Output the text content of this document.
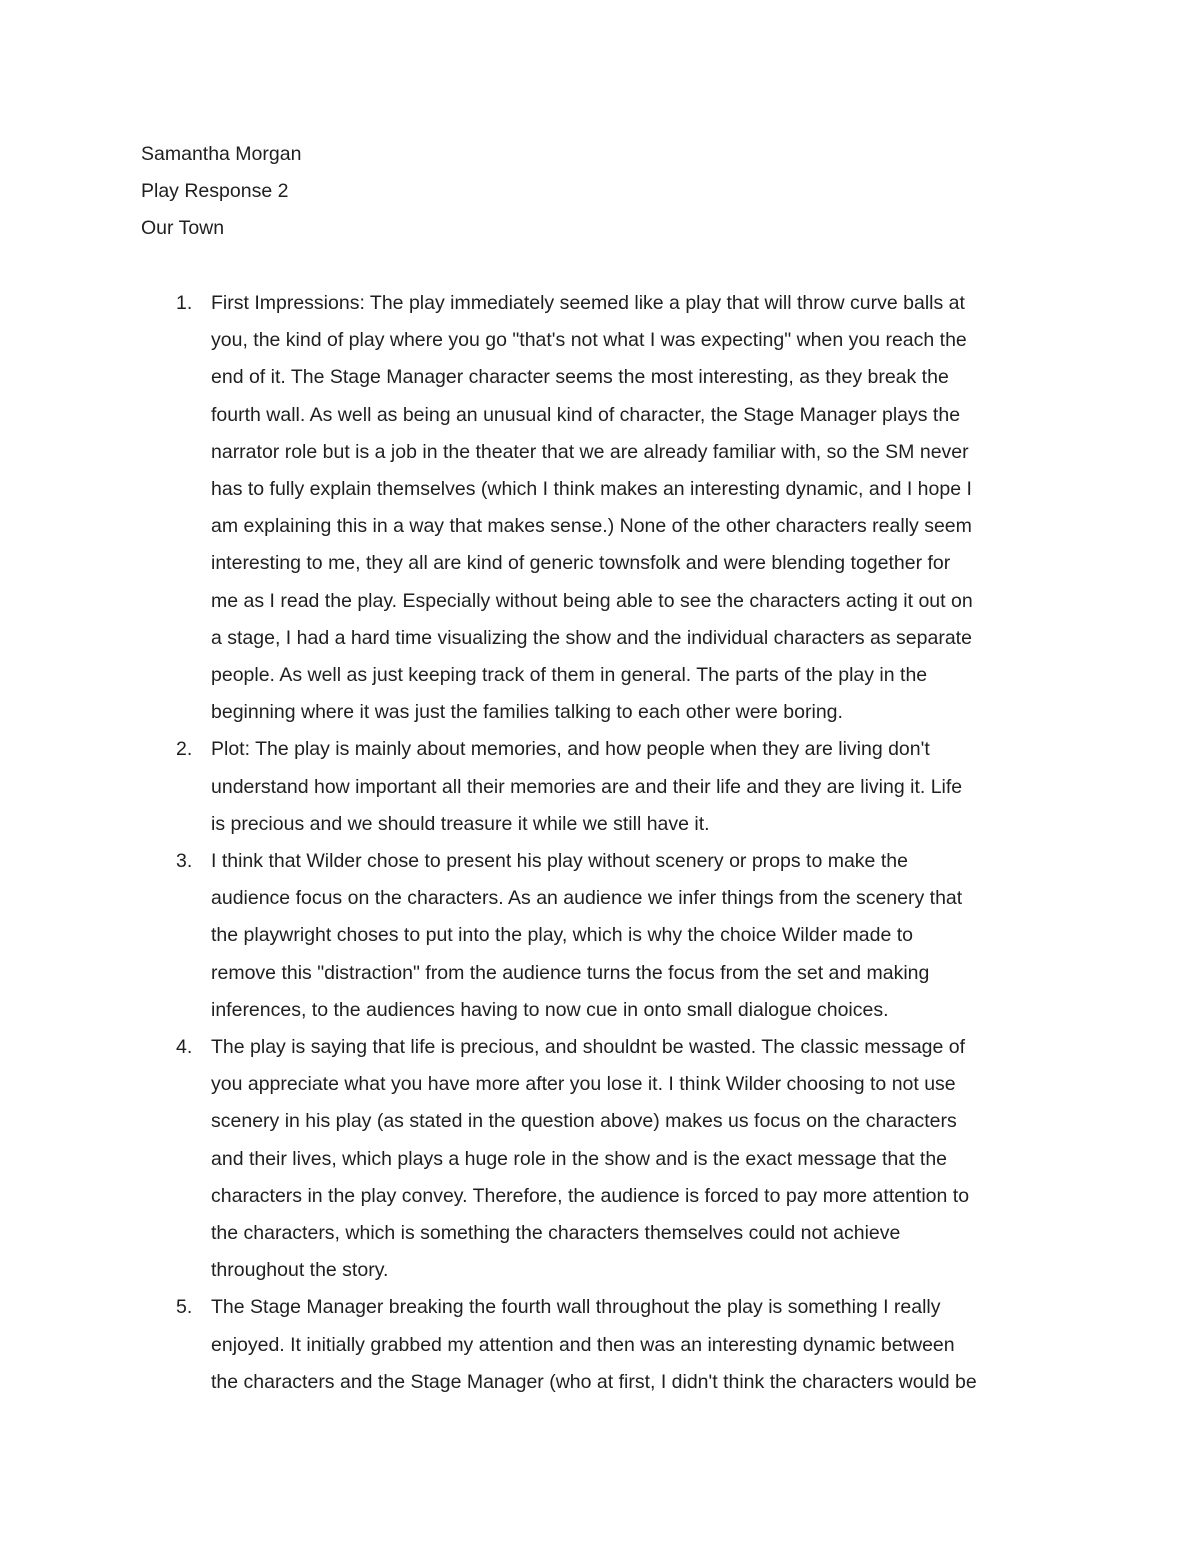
Samantha Morgan
Play Response 2
Our Town
1. First Impressions: The play immediately seemed like a play that will throw curve balls at
you, the kind of play where you go "that's not what I was expecting" when you reach the
end of it. The Stage Manager character seems the most interesting, as they break the
fourth wall. As well as being an unusual kind of character, the Stage Manager plays the
narrator role but is a job in the theater that we are already familiar with, so the SM never
has to fully explain themselves (which I think makes an interesting dynamic, and I hope I
am explaining this in a way that makes sense.) None of the other characters really seem
interesting to me, they all are kind of generic townsfolk and were blending together for
me as I read the play. Especially without being able to see the characters acting it out on
a stage, I had a hard time visualizing the show and the individual characters as separate
people. As well as just keeping track of them in general. The parts of the play in the
beginning where it was just the families talking to each other were boring.
2. Plot: The play is mainly about memories, and how people when they are living don't
understand how important all their memories are and their life and they are living it. Life
is precious and we should treasure it while we still have it.
3. I think that Wilder chose to present his play without scenery or props to make the
audience focus on the characters. As an audience we infer things from the scenery that
the playwright choses to put into the play, which is why the choice Wilder made to
remove this "distraction" from the audience turns the focus from the set and making
inferences, to the audiences having to now cue in onto small dialogue choices.
4. The play is saying that life is precious, and shouldnt be wasted. The classic message of
you appreciate what you have more after you lose it. I think Wilder choosing to not use
scenery in his play (as stated in the question above) makes us focus on the characters
and their lives, which plays a huge role in the show and is the exact message that the
characters in the play convey. Therefore, the audience is forced to pay more attention to
the characters, which is something the characters themselves could not achieve
throughout the story.
5. The Stage Manager breaking the fourth wall throughout the play is something I really
enjoyed. It initially grabbed my attention and then was an interesting dynamic between
the characters and the Stage Manager (who at first, I didn't think the characters would be
